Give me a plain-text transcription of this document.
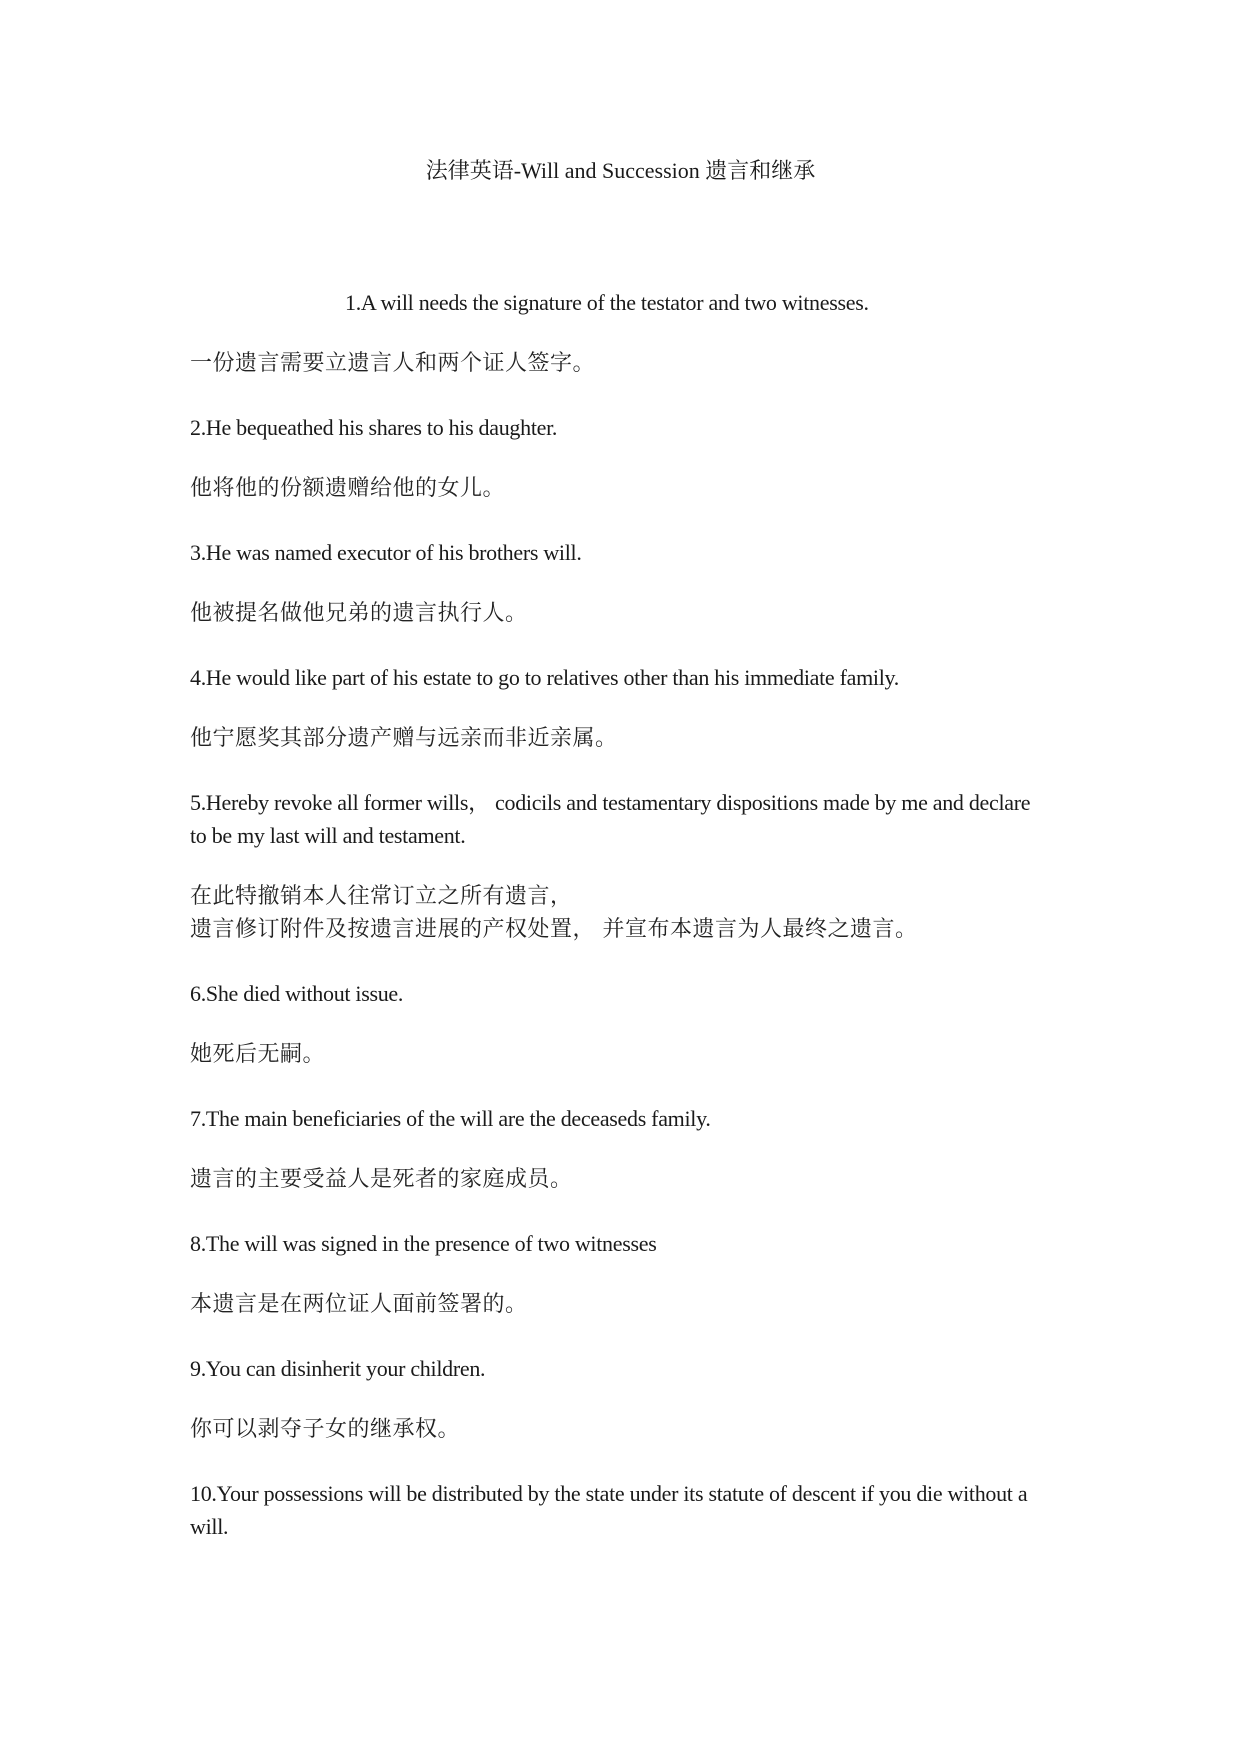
法律英语-Will and Succession 遗言和继承

1.A will needs the signature of the testator and two witnesses.

一份遗言需要立遗言人和两个证人签字。

2.He bequeathed his shares to his daughter.

他将他的份额遗赠给他的女儿。

3.He was named executor of his brothers will.

他被提名做他兄弟的遗言执行人。

4.He would like part of his estate to go to relatives other than his immediate family.

他宁愿奖其部分遗产赠与远亲而非近亲属。

5.Hereby revoke all former wills， codicils and testamentary dispositions made by me and declare to be my last will and testament.

在此特撤销本人往常订立之所有遗言，
遗言修订附件及按遗言进展的产权处置， 并宣布本遗言为人最终之遗言。

6.She died without issue.

她死后无嗣。

7.The main beneficiaries of the will are the deceaseds family.

遗言的主要受益人是死者的家庭成员。

8.The will was signed in the presence of two witnesses

本遗言是在两位证人面前签署的。

9.You can disinherit your children.

你可以剥夺子女的继承权。

10.Your possessions will be distributed by the state under its statute of descent if you die without a will.
